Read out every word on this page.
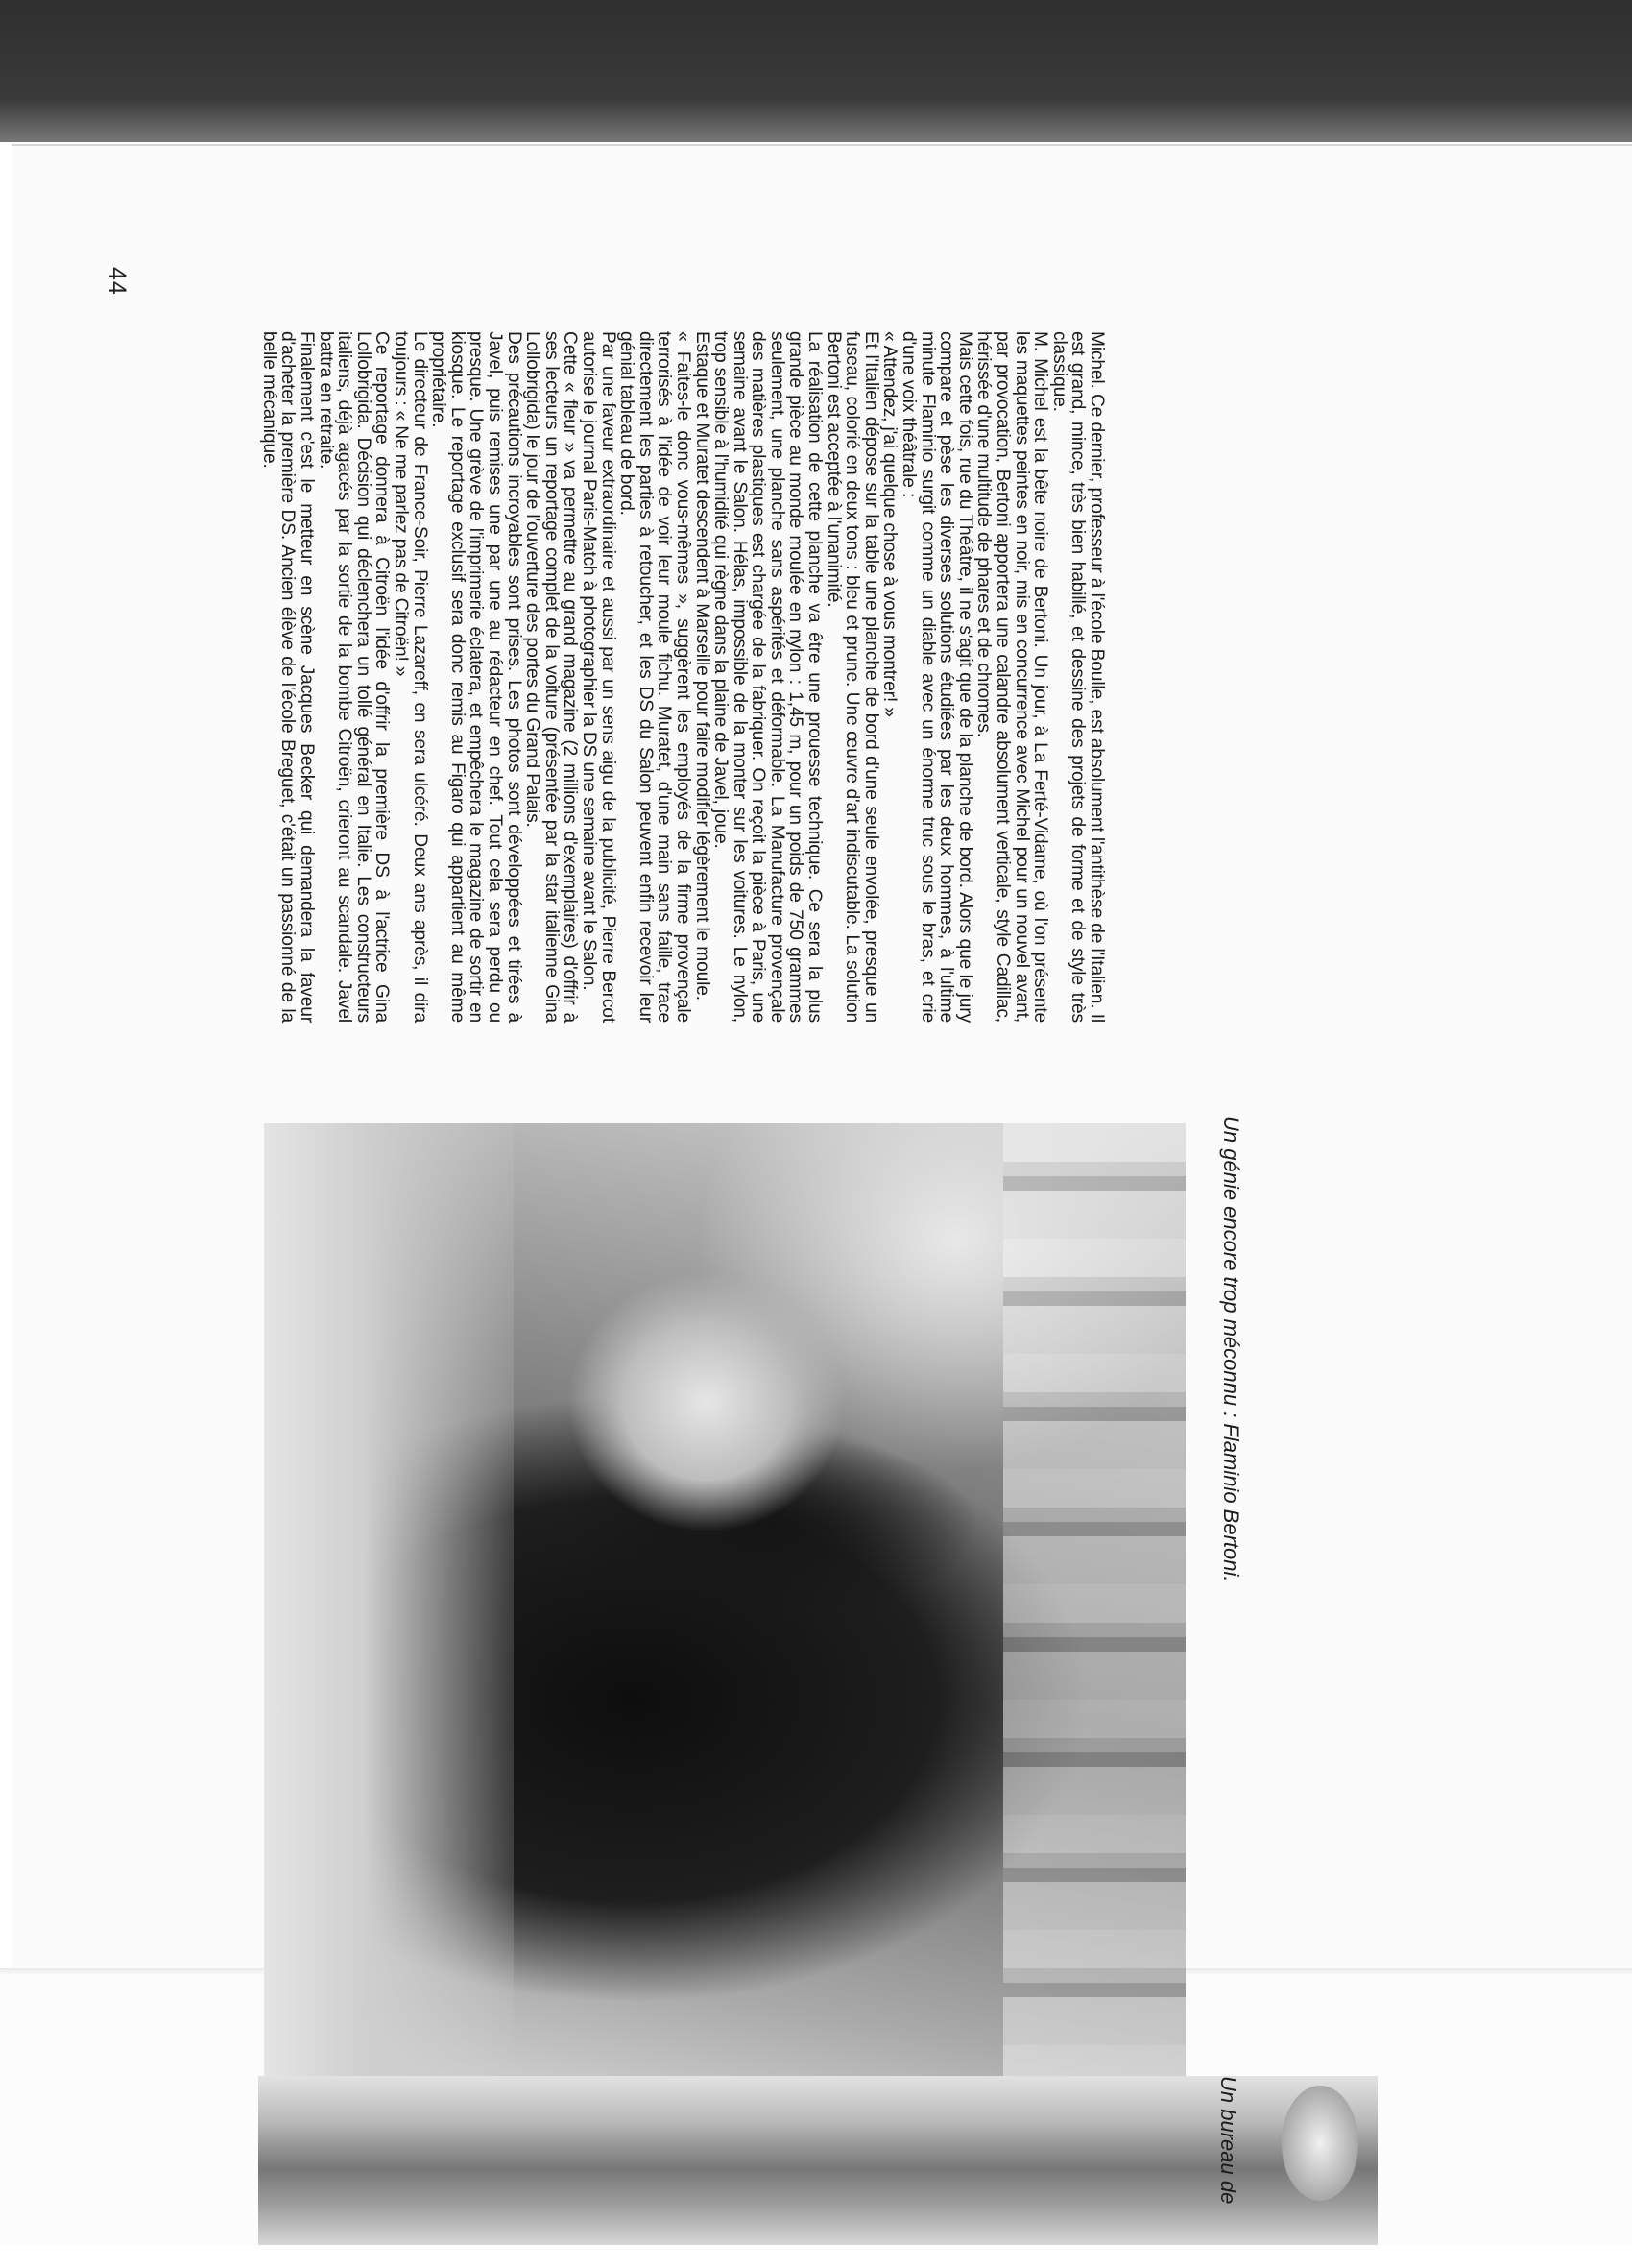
Michel. Ce dernier, professeur à l'école Boulle, est absolument l'antithèse de l'Italien. Il est grand, mince, très bien habillé, et dessine des projets de forme et de style très classique.

M. Michel est la bête noire de Bertoni. Un jour, à La Ferté-Vidame, où l'on présente les maquettes peintes en noir, mis en concurrence avec Michel pour un nouvel avant, par provocation, Bertoni apportera une calandre absolument verticale, style Cadillac, hérissée d'une multitude de phares et de chromes.

Mais cette fois, rue du Théâtre, il ne s'agit que de la planche de bord. Alors que le jury compare et pèse les diverses solutions étudiées par les deux hommes, à l'ultime minute Flaminio surgit comme un diable avec un énorme truc sous le bras, et crie d'une voix théâtrale :

« Attendez, j'ai quelque chose à vous montrer! »

Et l'Italien dépose sur la table une planche de bord d'une seule envolée, presque un fuseau, colorié en deux tons : bleu et prune. Une œuvre d'art indiscutable. La solution Bertoni est acceptée à l'unanimité.

La réalisation de cette planche va être une prouesse technique. Ce sera la plus grande pièce au monde moulée en nylon : 1,45 m, pour un poids de 750 grammes seulement, une planche sans aspérités et déformable. La Manufacture provençale des matières plastiques est chargée de la fabriquer. On reçoit la pièce à Paris, une semaine avant le Salon. Hélas, impossible de la monter sur les voitures. Le nylon, trop sensible à l'humidité qui règne dans la plaine de Javel, joue.

Estaque et Muratet descendent à Marseille pour faire modifier légèrement le moule.

« Faites-le donc vous-mêmes », suggèrent les employés de la firme provençale terrorisés à l'idée de voir leur moule fichu. Muratet, d'une main sans faille, trace directement les parties à retoucher, et les DS du Salon peuvent enfin recevoir leur génial tableau de bord.

Par une faveur extraordinaire et aussi par un sens aigu de la publicité, Pierre Bercot autorise le journal Paris-Match à photographier la DS une semaine avant le Salon.

Cette « fleur » va permettre au grand magazine (2 millions d'exemplaires) d'offrir à ses lecteurs un reportage complet de la voiture (présentée par la star italienne Gina Lollobrigida) le jour de l'ouverture des portes du Grand Palais.

Des précautions incroyables sont prises. Les photos sont développées et tirées à Javel, puis remises une par une au rédacteur en chef. Tout cela sera perdu ou presque. Une grève de l'imprimerie éclatera, et empêchera le magazine de sortir en kiosque. Le reportage exclusif sera donc remis au Figaro qui appartient au même propriétaire.

Le directeur de France-Soir, Pierre Lazareff, en sera ulcéré. Deux ans après, il dira toujours : « Ne me parlez pas de Citroën! »

Ce reportage donnera à Citroën l'idée d'offrir la première DS à l'actrice Gina Lollobrigida. Décision qui déclenchera un tollé général en Italie. Les constructeurs italiens, déjà agacés par la sortie de la bombe Citroën, crieront au scandale. Javel battra en retraite.

Finalement c'est le metteur en scène Jacques Becker qui demandera la faveur d'acheter la première DS. Ancien élève de l'école Breguet, c'était un passionné de la belle mécanique.

44
Un génie encore trop méconnu : Flaminio Bertoni.
Un bureau de
